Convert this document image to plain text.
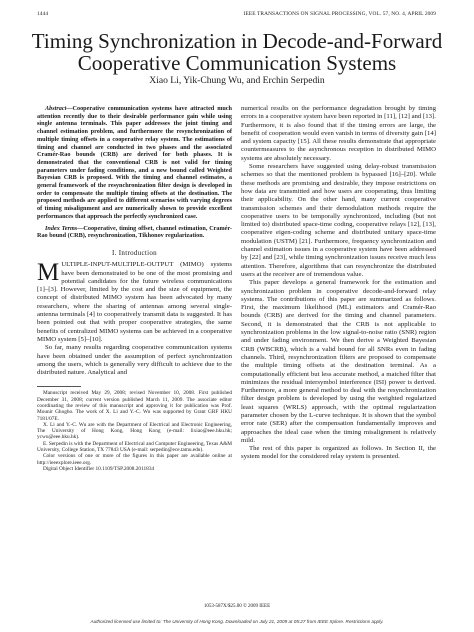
1444	IEEE TRANSACTIONS ON SIGNAL PROCESSING, VOL. 57, NO. 4, APRIL 2009
Timing Synchronization in Decode-and-Forward
Cooperative Communication Systems
Xiao Li, Yik-Chung Wu, and Erchin Serpedin

Abstract—Cooperative communication systems have attracted much attention recently due to their desirable performance gain while using single antenna terminals. This paper addresses the joint timing and channel estimation problem, and furthermore the resynchronization of multiple timing offsets in a cooperative relay system. The estimations of timing and channel are conducted in two phases and the associated Cramér-Rao bounds (CRB) are derived for both phases. It is demonstrated that the conventional CRB is not valid for timing parameters under fading conditions, and a new bound called Weighted Bayesian CRB is proposed. With the timing and channel estimates, a general framework of the resynchronization filter design is developed in order to compensate the multiple timing offsets at the destination. The proposed methods are applied to different scenarios with varying degrees of timing misalignment and are numerically shown to provide excellent performances that approach the perfectly synchronized case.

Index Terms—Cooperative, timing offset, channel estimation, Cramér-Rao bound (CRB), resynchronization, Tikhonov regularization.

I. Introduction

MULTIPLE-INPUT-MULTIPLE-OUTPUT (MIMO) systems have been demonstrated to be one of the most promising and potential candidates for the future wireless communications [1]–[3]. However, limited by the cost and the size of equipment, the concept of distributed MIMO system has been advocated by many researchers, where the sharing of antennas among several single-antenna terminals [4] to cooperatively transmit data is suggested. It has been pointed out that with proper cooperative strategies, the same benefits of centralized MIMO systems can be achieved in a cooperative MIMO system [5]–[10].

So far, many results regarding cooperative communication systems have been obtained under the assumption of perfect synchronization among the users, which is generally very difficult to achieve due to the distributed nature. Analytical and

Manuscript received May 29, 2008; revised November 10, 2008. First published December 31, 2008; current version published March 11, 2009. The associate editor coordinating the review of this manuscript and approving it for publication was Prof. Mounir Ghogho. The work of X. Li and Y.-C. Wu was supported by Grant GRF HKU 7181/07E.

X. Li and Y.-C. Wu are with the Department of Electrical and Electronic Engineering, The University of Hong Kong, Hong Kong (e-mail: lixiao@eee.hku.hk; ycwu@eee.hku.hk).

E. Serpedin is with the Department of Electrical and Computer Engineering, Texas A&M University, College Station, TX 77843 USA (e-mail: serpedin@ece.tamu.edu).

Color versions of one or more of the figures in this paper are available online at http://ieeexplore.ieee.org.

Digital Object Identifier 10.1109/TSP.2008.2011834

numerical results on the performance degradation brought by timing errors in a cooperative system have been reported in [11], [12] and [13]. Furthermore, it is also found that if the timing errors are large, the benefit of cooperation would even vanish in terms of diversity gain [14] and system capacity [15]. All these results demonstrate that appropriate countermeasures to the asynchronous reception in distributed MIMO systems are absolutely necessary.

Some researchers have suggested using delay-robust transmission schemes so that the mentioned problem is bypassed [16]–[20]. While these methods are promising and desirable, they impose restrictions on how data are transmitted and how users are cooperating, thus limiting their applicability. On the other hand, many current cooperative transmission schemes and their demodulation methods require the cooperative users to be temporally synchronized, including (but not limited to) distributed space-time coding, cooperative relays [12], [13], cooperative eigen-coding scheme and distributed unitary space-time modulation (USTM) [21]. Furthermore, frequency synchronization and channel estimation issues in a cooperative system have been addressed by [22] and [23], while timing synchronization issues receive much less attention. Therefore, algorithms that can resynchronize the distributed users at the receiver are of tremendous value.

This paper develops a general framework for the estimation and synchronization problem in cooperative decode-and-forward relay systems. The contributions of this paper are summarized as follows. First, the maximum likelihood (ML) estimators and Cramér-Rao bounds (CRB) are derived for the timing and channel parameters. Second, it is demonstrated that the CRB is not applicable to synchronization problems in the low signal-to-noise ratio (SNR) region and under fading environment. We then derive a Weighted Bayesian CRB (WBCRB), which is a valid bound for all SNRs even in fading channels. Third, resynchronization filters are proposed to compensate the multiple timing offsets at the destination terminal. As a computationally efficient but less accurate method, a matched filter that minimizes the residual intersymbol interference (ISI) power is derived. Furthermore, a more general method to deal with the resynchronization filter design problem is developed by using the weighted regularized least squares (WRLS) approach, with the optimal regularization parameter chosen by the L-curve technique. It is shown that the symbol error rate (SER) after the compensation fundamentally improves and approaches the ideal case when the timing misalignment is relatively mild.

The rest of this paper is organized as follows. In Section II, the system model for the considered relay system is presented.

1053-587X/$25.00 © 2009 IEEE
Authorized licensed use limited to: The University of Hong Kong. Downloaded on July 21, 2009 at 05:27 from IEEE Xplore. Restrictions apply.
